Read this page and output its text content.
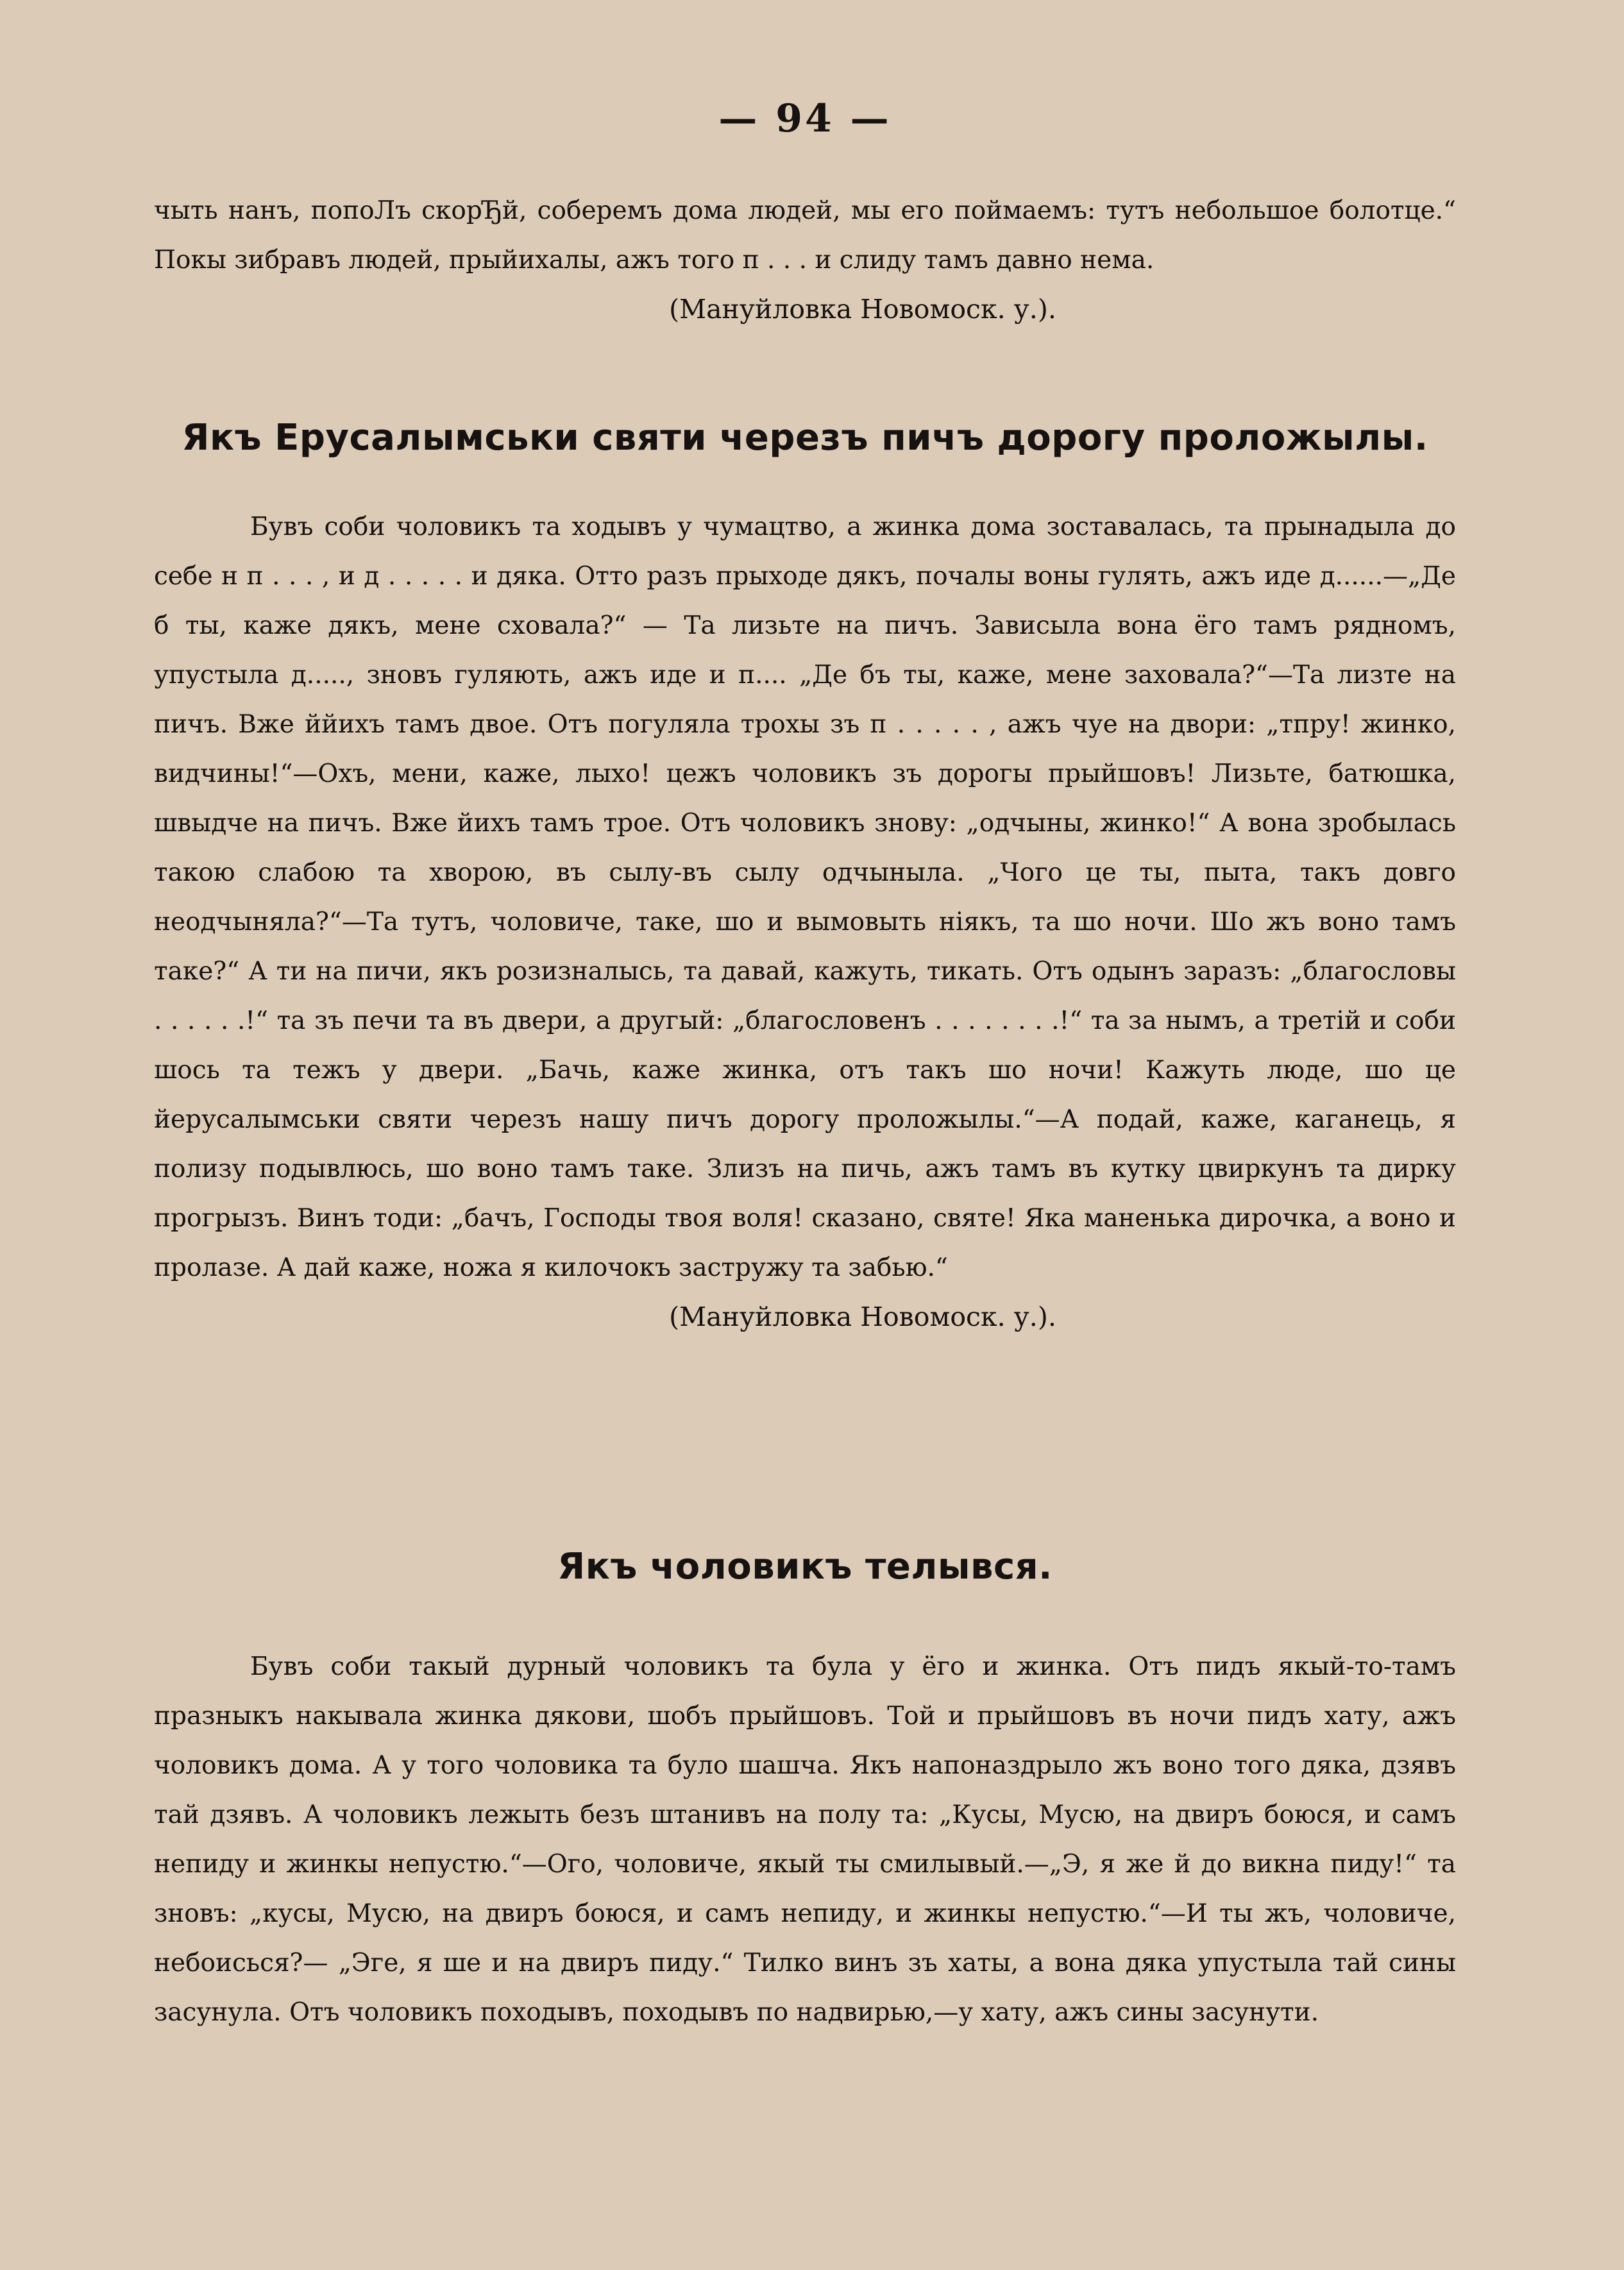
— 94 —

чыть нанъ, попоЛъ скорЂй, соберемъ дома людей, мы его поймаемъ: тутъ небольшое болотце.“ Покы зибравъ людей, прыйихалы, ажъ того п . . . и слиду тамъ давно нема.

(Мануйловка Новомоск. у.).

Якъ Ерусалымськи святи черезъ пичъ дорогу проложылы.

Бувъ соби чоловикъ та ходывъ у чумацтво, а жинка дома зоставалась, та прынадыла до себе н п . . . , и д . . . . . и дяка. Отто разъ прыходе дякъ, почалы воны гулять, ажъ иде д......—„Де б ты, каже дякъ, мене сховала?“ — Та лизьте на пичъ. Зависыла вона ёго тамъ рядномъ, упустыла д....., зновъ гуляють, ажъ иде и п.... „Де бъ ты, каже, мене заховала?“—Та лизте на пичъ. Вже ййихъ тамъ двое. Отъ погуляла трохы зъ п . . . . . , ажъ чуе на двори: „тпру! жинко, видчины!“—Охъ, мени, каже, лыхо! цежъ чоловикъ зъ дорогы прыйшовъ! Лизьте, батюшка, швыдче на пичъ. Вже йихъ тамъ трое. Отъ чоловикъ знову: „одчыны, жинко!“ А вона зробылась такою слабою та хворою, въ сылу-въ сылу одчыныла. „Чого це ты, пыта, такъ довго неодчыняла?“—Та тутъ, чоловиче, таке, шо и вымовыть нiякъ, та шо ночи. Шо жъ воно тамъ таке?“ А ти на пичи, якъ розизналысь, та давай, кажуть, тикать. Отъ одынъ заразъ: „благословы . . . . . .!“ та зъ печи та въ двери, а другый: „благословенъ . . . . . . . .!“ та за нымъ, а третiй и соби шось та тежъ у двери. „Бачь, каже жинка, отъ такъ шо ночи! Кажуть люде, шо це йерусалымськи святи черезъ нашу пичъ дорогу проложылы.“—А подай, каже, каганець, я полизу подывлюсь, шо воно тамъ таке. Злизъ на пичь, ажъ тамъ въ кутку цвиркунъ та дирку прогрызъ. Винъ тоди: „бачъ, Господы твоя воля! сказано, святе! Яка маненька дирочка, а воно и пролазе. А дай каже, ножа я килочокъ застружу та забью.“

(Мануйловка Новомоск. у.).

Якъ чоловикъ телывся.

Бувъ соби такый дурный чоловикъ та була у ёго и жинка. Отъ пидъ якый-то-тамъ празныкъ накывала жинка дякови, шобъ прыйшовъ. Той и прыйшовъ въ ночи пидъ хату, ажъ чоловикъ дома. А у того чоловика та було шашча. Якъ напоназдрыло жъ воно того дяка, дзявъ тай дзявъ. А чоловикъ лежыть безъ штанивъ на полу та: „Кусы, Мусю, на двиръ боюся, и самъ непиду и жинкы непустю.“—Ого, чоловиче, якый ты смилывый.—„Э, я же й до викна пиду!“ та зновъ: „кусы, Мусю, на двиръ боюся, и самъ непиду, и жинкы непустю.“—И ты жъ, чоловиче, небоисься?— „Эге, я ше и на двиръ пиду.“ Тилко винъ зъ хаты, а вона дяка упустыла тай сины засунула. Отъ чоловикъ походывъ, походывъ по надвирью,—у хату, ажъ сины засунути.
